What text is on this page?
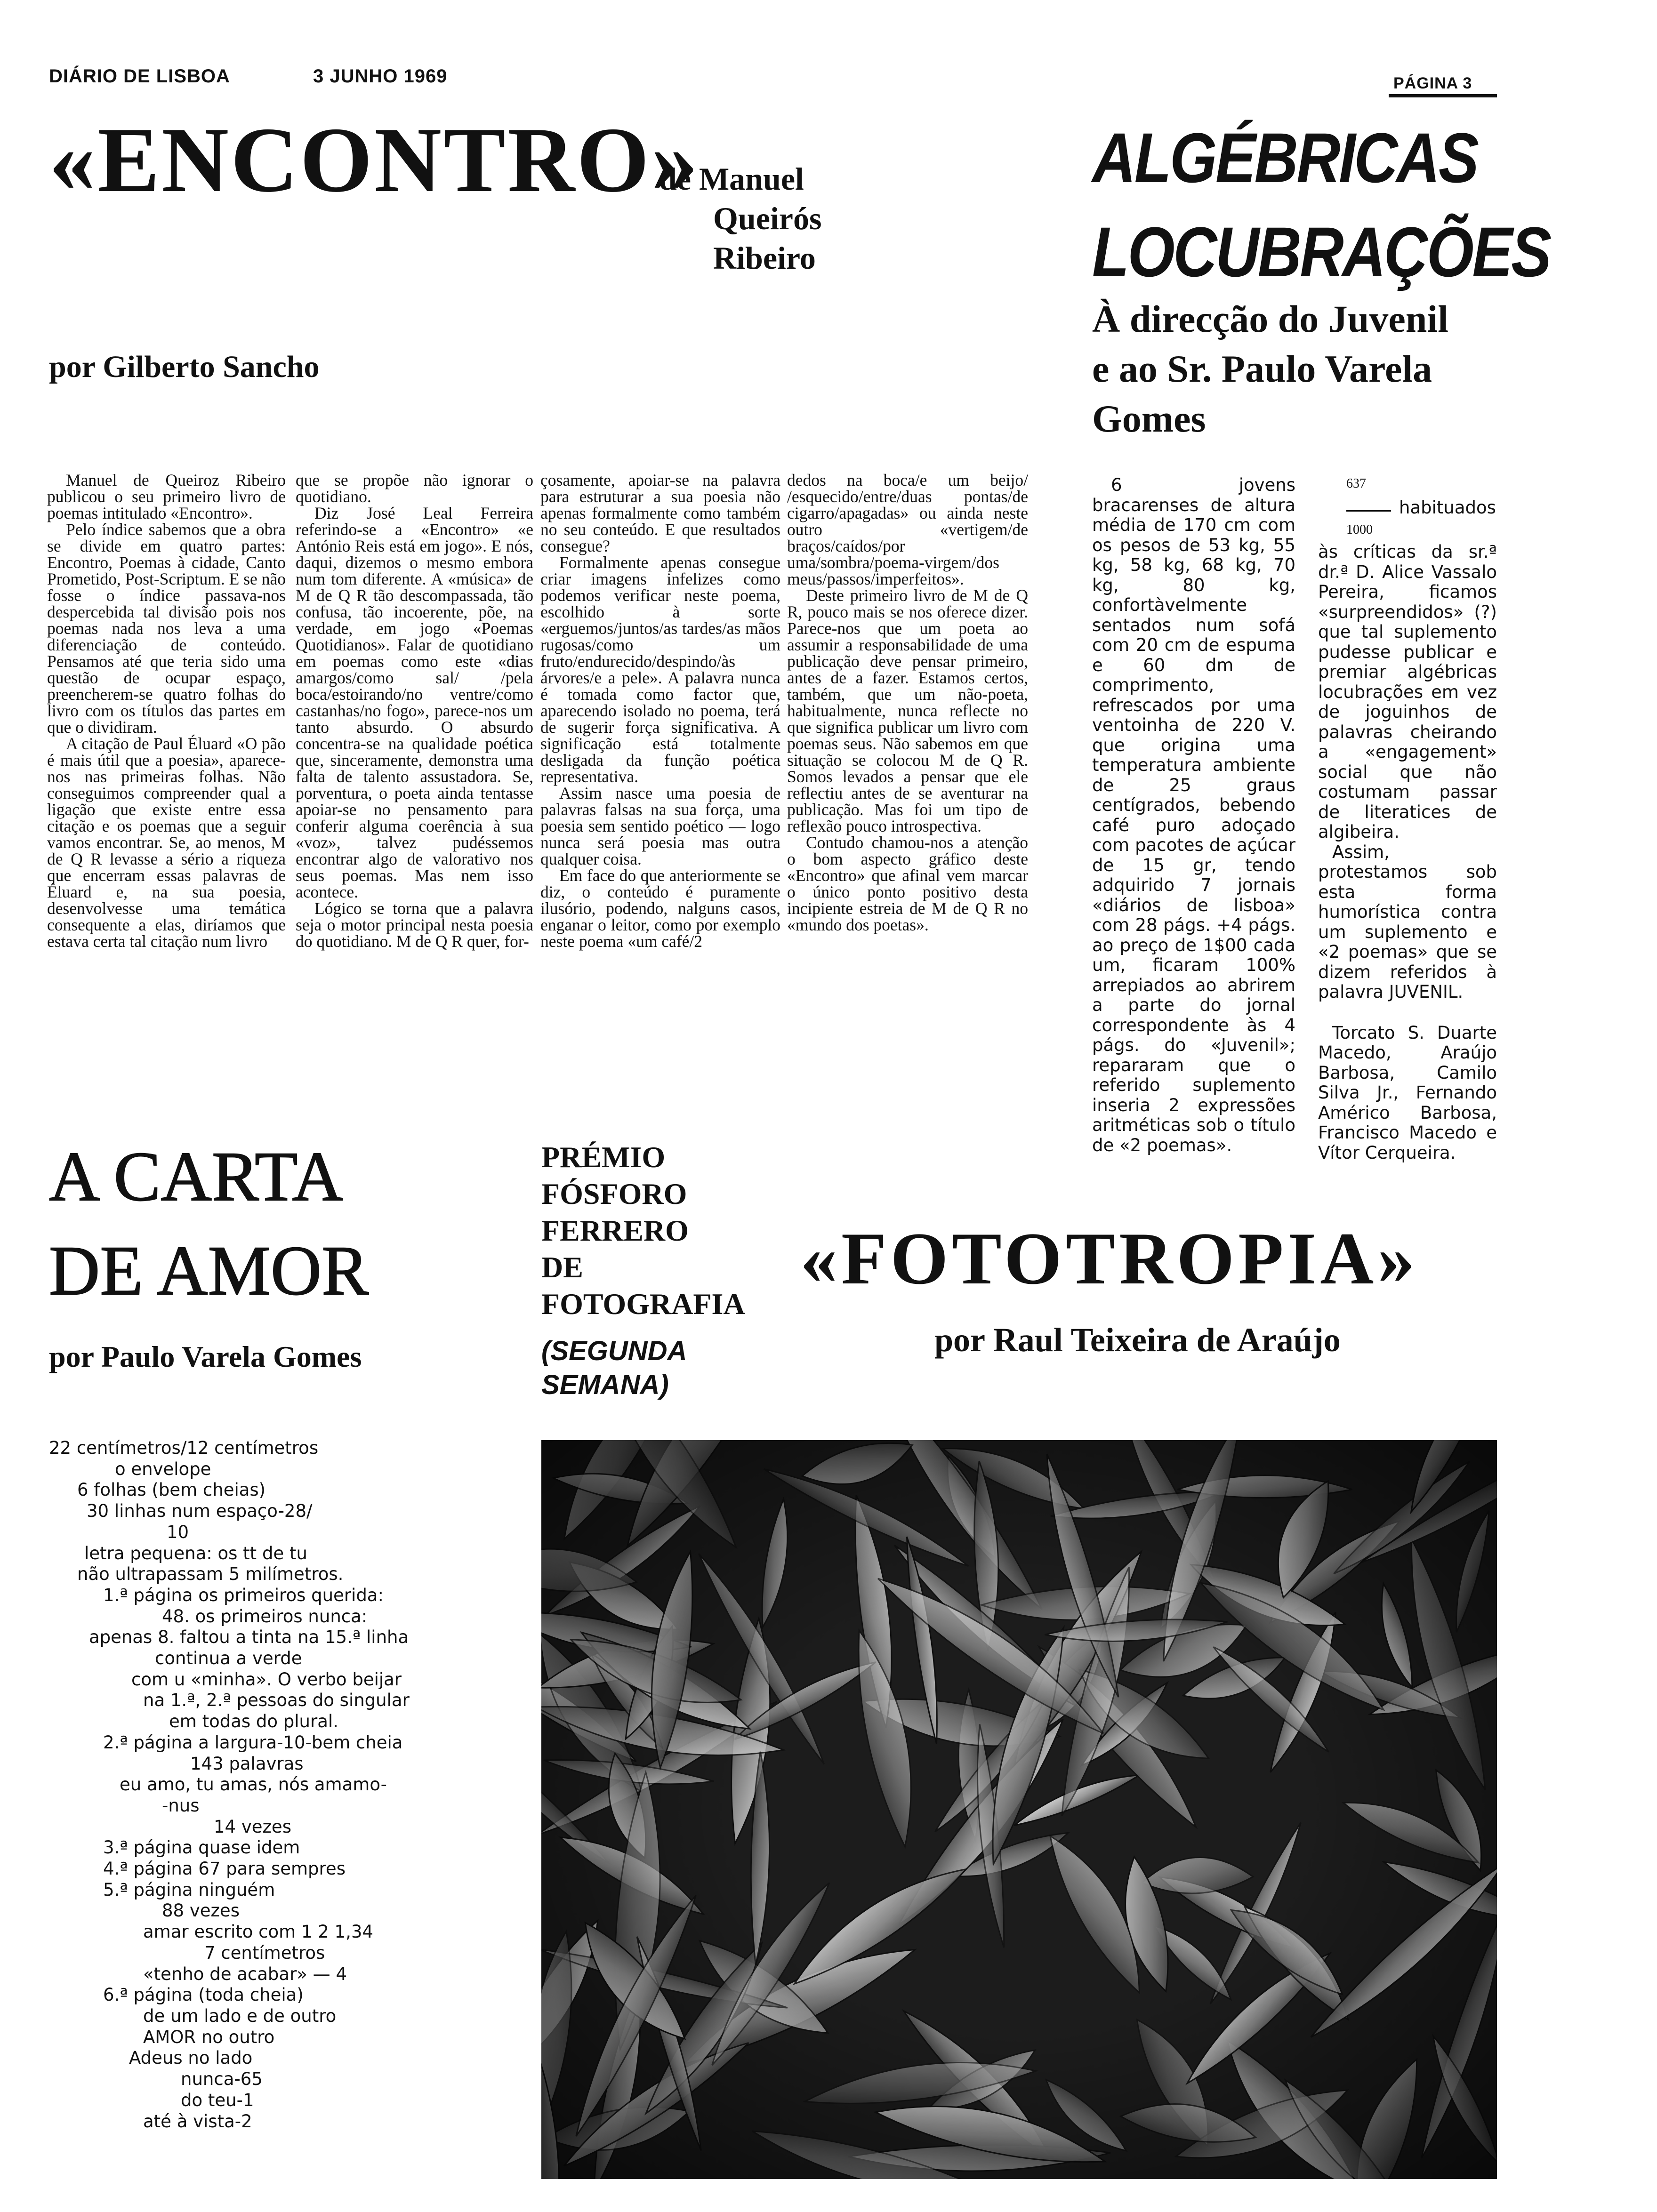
DIÁRIO DE LISBOA	3 JUNHO 1969	PÁGINA 3
«ENCONTRO»
de Manuel
Queirós
Ribeiro
por Gilberto Sancho

Manuel de Queiroz Ribeiro publicou o seu primeiro livro de poemas intitulado «Encontro».

Pelo índice sabemos que a obra se divide em quatro partes: Encontro, Poemas à cidade, Canto Prometido, Post-Scriptum. E se não fosse o índice passava-nos despercebida tal divisão pois nos poemas nada nos leva a uma diferenciação de conteúdo. Pensamos até que teria sido uma questão de ocupar espaço, preencherem-se quatro folhas do livro com os títulos das partes em que o dividiram.

A citação de Paul Éluard «O pão é mais útil que a poesia», aparece-nos nas primeiras folhas. Não conseguimos compreender qual a ligação que existe entre essa citação e os poemas que a seguir vamos encontrar. Se, ao menos, M de Q R levasse a sério a riqueza que encerram essas palavras de Éluard e, na sua poesia, desenvolvesse uma temática consequente a elas, diríamos que estava certa tal citação num livro

que se propõe não ignorar o quotidiano.

Diz José Leal Ferreira referindo-se a «Encontro» «e António Reis está em jogo». E nós, daqui, dizemos o mesmo embora num tom diferente. A «música» de M de Q R tão descompassada, tão confusa, tão incoerente, põe, na verdade, em jogo «Poemas Quotidianos». Falar de quotidiano em poemas como este «dias amargos/como sal/ /pela boca/estoirando/no ventre/como castanhas/no fogo», parece-nos um tanto absurdo. O absurdo concentra-se na qualidade poética que, sinceramente, demonstra uma falta de talento assustadora. Se, porventura, o poeta ainda tentasse apoiar-se no pensamento para conferir alguma coerência à sua «voz», talvez pudéssemos encontrar algo de valorativo nos seus poemas. Mas nem isso acontece.

Lógico se torna que a palavra seja o motor principal nesta poesia do quotidiano. M de Q R quer, for-

çosamente, apoiar-se na palavra para estruturar a sua poesia não apenas formalmente como também no seu conteúdo. E que resultados consegue?

Formalmente apenas consegue criar imagens infelizes como podemos verificar neste poema, escolhido à sorte «erguemos/juntos/as tardes/as mãos rugosas/como um fruto/endurecido/despindo/às árvores/e a pele». A palavra nunca é tomada como factor que, aparecendo isolado no poema, terá de sugerir força significativa. A significação está totalmente desligada da função poética representativa.

Assim nasce uma poesia de palavras falsas na sua força, uma poesia sem sentido poético — logo nunca será poesia mas outra qualquer coisa.

Em face do que anteriormente se diz, o conteúdo é puramente ilusório, podendo, nalguns casos, enganar o leitor, como por exemplo neste poema «um café/2

dedos na boca/e um beijo/ /esquecido/entre/duas pontas/de cigarro/apagadas» ou ainda neste outro «vertigem/de braços/caídos/por uma/sombra/poema-virgem/dos meus/passos/imperfeitos».

Deste primeiro livro de M de Q R, pouco mais se nos oferece dizer. Parece-nos que um poeta ao assumir a responsabilidade de uma publicação deve pensar primeiro, antes de a fazer. Estamos certos, também, que um não-poeta, habitualmente, nunca reflecte no que significa publicar um livro com poemas seus. Não sabemos em que situação se colocou M de Q R. Somos levados a pensar que ele reflectiu antes de se aventurar na publicação. Mas foi um tipo de reflexão pouco introspectiva.

Contudo chamou-nos a atenção o bom aspecto gráfico deste «Encontro» que afinal vem marcar o único ponto positivo desta incipiente estreia de M de Q R no «mundo dos poetas».

ALGÉBRICAS
LOCUBRAÇÕES
À direcção do Juvenil
e ao Sr. Paulo Varela
Gomes

6 jovens bracarenses de altura média de 170 cm com os pesos de 53 kg, 55 kg, 58 kg, 68 kg, 70 kg, 80 kg, confortàvelmente sentados num sofá com 20 cm de espuma e 60 dm de comprimento, refrescados por uma ventoinha de 220 V. que origina uma temperatura ambiente de 25 graus centígrados, bebendo café puro adoçado com pacotes de açúcar de 15 gr, tendo adquirido 7 jornais «diários de lisboa» com 28 págs. +4 págs. ao preço de 1$00 cada um, ficaram 100% arrepiados ao abrirem a parte do jornal correspondente às 4 págs. do «Juvenil»; repararam que o referido suplemento inseria 2 expressões aritméticas sob o título de «2 poemas».

637
habituados
1000

às críticas da sr.ª dr.ª D. Alice Vassalo Pereira, ficamos «surpreendidos» (?) que tal suplemento pudesse publicar e premiar algébricas locubrações em vez de joguinhos de palavras cheirando a «engagement» social que não costumam passar de literatices de algibeira.

Assim, protestamos sob esta forma humorística contra um suplemento e «2 poemas» que se dizem referidos à palavra JUVENIL.

Torcato S. Duarte Macedo, Araújo Barbosa, Camilo Silva Jr., Fernando Américo Barbosa, Francisco Macedo e Vítor Cerqueira.

A CARTA
DE AMOR
por Paulo Varela Gomes
22 centímetros/12 centímetros
o envelope
6 folhas (bem cheias)
30 linhas num espaço-28/
10
letra pequena: os tt de tu
não ultrapassam 5 milímetros.
1.ª página os primeiros querida:
48. os primeiros nunca:
apenas 8. faltou a tinta na 15.ª linha
continua a verde
com u «minha». O verbo beijar
na 1.ª, 2.ª pessoas do singular
em todas do plural.
2.ª página a largura-10-bem cheia
143 palavras
eu amo, tu amas, nós amamo-
-nus
14 vezes
3.ª página quase idem
4.ª página 67 para sempres
5.ª página ninguém
88 vezes
amar escrito com 1 2 1,34
7 centímetros
«tenho de acabar» — 4
6.ª página (toda cheia)
de um lado e de outro
AMOR no outro
Adeus no lado
nunca-65
do teu-1
até à vista-2
PRÉMIO
FÓSFORO
FERRERO
DE
FOTOGRAFIA
(SEGUNDA
SEMANA)
«FOTOTROPIA»
por Raul Teixeira de Araújo
